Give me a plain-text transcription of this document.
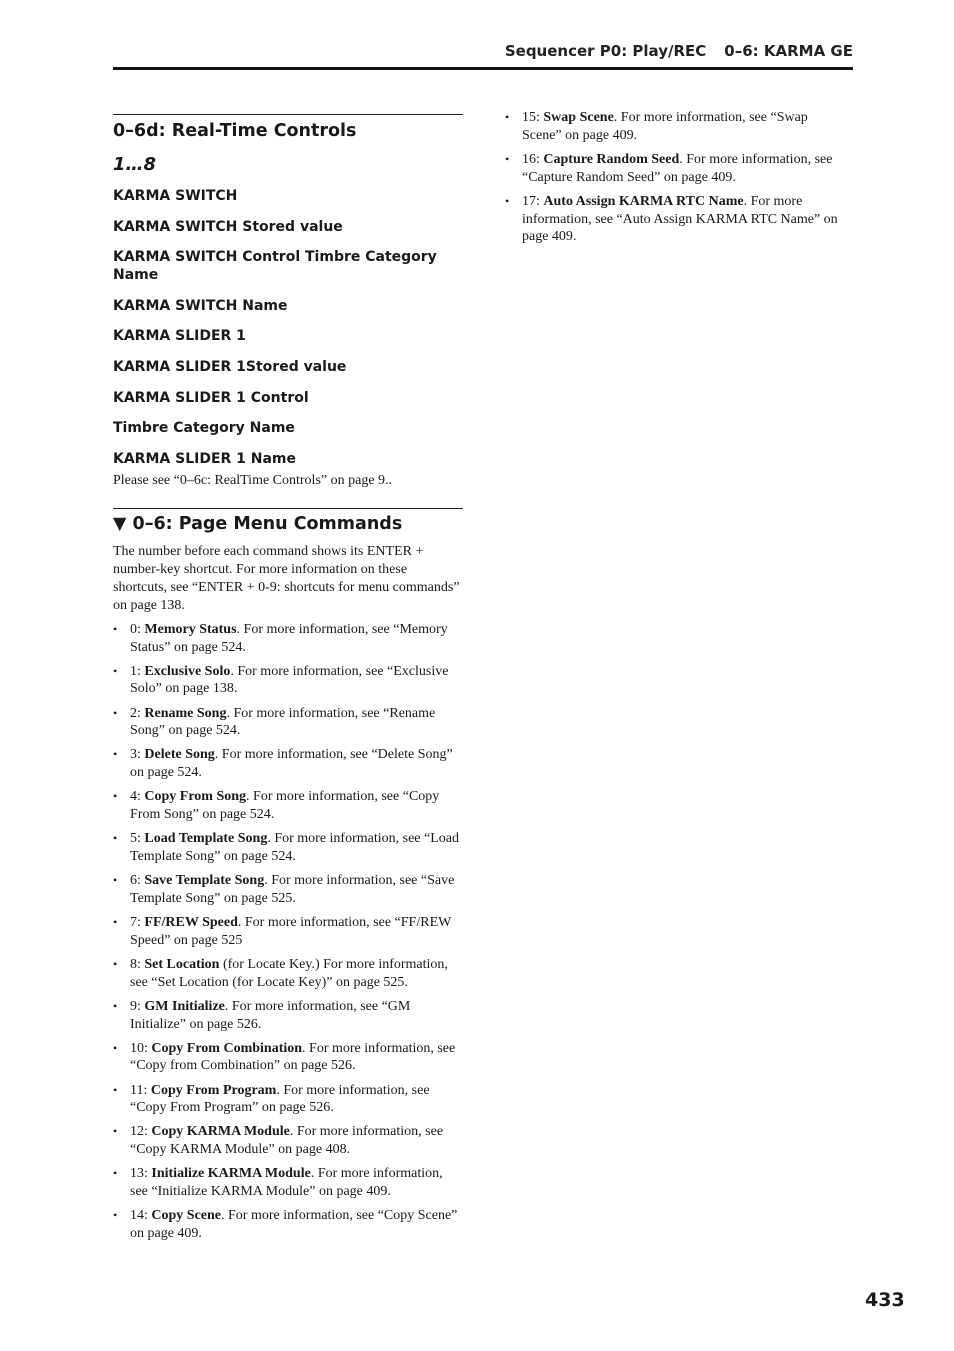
Sequencer P0: Play/REC 0–6: KARMA GE
0–6d: Real-Time Controls
1…8
KARMA SWITCH
KARMA SWITCH Stored value
KARMA SWITCH Control Timbre Category Name
KARMA SWITCH Name
KARMA SLIDER 1
KARMA SLIDER 1Stored value
KARMA SLIDER 1 Control
Timbre Category Name
KARMA SLIDER 1 Name

Please see “0–6c: RealTime Controls” on page 9..

▼ 0–6: Page Menu Commands

The number before each command shows its ENTER + number-key shortcut. For more information on these shortcuts, see “ENTER + 0-9: shortcuts for menu commands” on page 138.

• 0: Memory Status. For more information, see “Memory Status” on page 524.
• 1: Exclusive Solo. For more information, see “Exclusive Solo” on page 138.
• 2: Rename Song. For more information, see “Rename Song” on page 524.
• 3: Delete Song. For more information, see “Delete Song” on page 524.
• 4: Copy From Song. For more information, see “Copy From Song” on page 524.
• 5: Load Template Song. For more information, see “Load Template Song” on page 524.
• 6: Save Template Song. For more information, see “Save Template Song” on page 525.
• 7: FF/REW Speed. For more information, see “FF/REW Speed” on page 525
• 8: Set Location (for Locate Key.) For more information, see “Set Location (for Locate Key)” on page 525.
• 9: GM Initialize. For more information, see “GM Initialize” on page 526.
• 10: Copy From Combination. For more information, see “Copy from Combination” on page 526.
• 11: Copy From Program. For more information, see “Copy From Program” on page 526.
• 12: Copy KARMA Module. For more information, see “Copy KARMA Module” on page 408.
• 13: Initialize KARMA Module. For more information, see “Initialize KARMA Module” on page 409.
• 14: Copy Scene. For more information, see “Copy Scene” on page 409.
• 15: Swap Scene. For more information, see “Swap Scene” on page 409.
• 16: Capture Random Seed. For more information, see “Capture Random Seed” on page 409.
• 17: Auto Assign KARMA RTC Name. For more information, see “Auto Assign KARMA RTC Name” on page 409.
433
